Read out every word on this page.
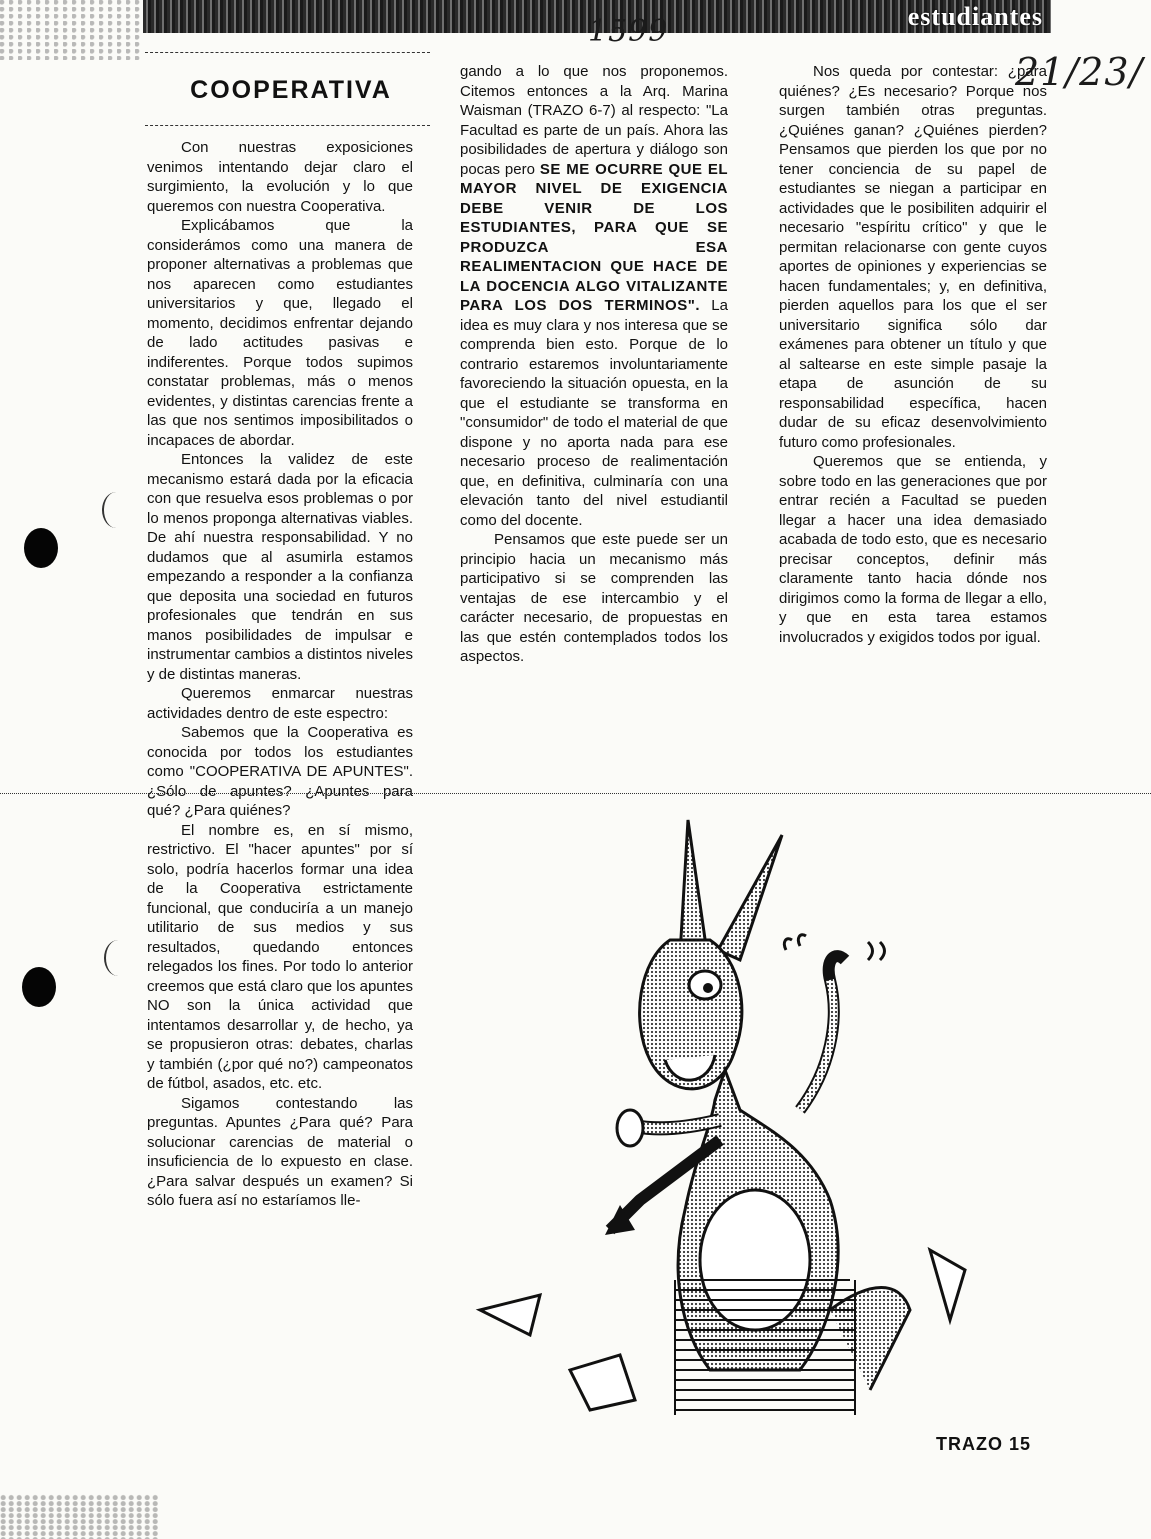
estudiantes
1599
21/23/
COOPERATIVA

Con nuestras exposiciones venimos intentando dejar claro el surgimiento, la evolución y lo que queremos con nuestra Cooperativa.

Explicábamos que la considerámos como una manera de proponer alternativas a problemas que nos aparecen como estudiantes universitarios y que, llegado el momento, decidimos enfrentar dejando de lado actitudes pasivas e indiferentes. Porque todos supimos constatar problemas, más o menos evidentes, y distintas carencias frente a las que nos sentimos imposibilitados o incapaces de abordar.

Entonces la validez de este mecanismo estará dada por la eficacia con que resuelva esos problemas o por lo menos proponga alternativas viables. De ahí nuestra responsabilidad. Y no dudamos que al asumirla estamos empezando a responder a la confianza que deposita una sociedad en futuros profesionales que tendrán en sus manos posibilidades de impulsar e instrumentar cambios a distintos niveles y de distintas maneras.

Queremos enmarcar nuestras actividades dentro de este espectro:

Sabemos que la Cooperativa es conocida por todos los estudiantes como "COOPERATIVA DE APUNTES". ¿Sólo de apuntes? ¿Apuntes para qué? ¿Para quiénes?

El nombre es, en sí mismo, restrictivo. El "hacer apuntes" por sí solo, podría hacerlos formar una idea de la Cooperativa estrictamente funcional, que conduciría a un manejo utilitario de sus medios y sus resultados, quedando entonces relegados los fines. Por todo lo anterior creemos que está claro que los apuntes NO son la única actividad que intentamos desarrollar y, de hecho, ya se propusieron otras: debates, charlas y también (¿por qué no?) campeonatos de fútbol, asados, etc. etc.

Sigamos contestando las preguntas. Apuntes ¿Para qué? Para solucionar carencias de material o insuficiencia de lo expuesto en clase. ¿Para salvar después un examen? Si sólo fuera así no estaríamos lle-

gando a lo que nos proponemos. Citemos entonces a la Arq. Marina Waisman (TRAZO 6-7) al respecto: "La Facultad es parte de un país. Ahora las posibilidades de apertura y diálogo son pocas pero SE ME OCURRE QUE EL MAYOR NIVEL DE EXIGENCIA DEBE VENIR DE LOS ESTUDIANTES, PARA QUE SE PRODUZCA ESA REALIMENTACION QUE HACE DE LA DOCENCIA ALGO VITALIZANTE PARA LOS DOS TERMINOS". La idea es muy clara y nos interesa que se comprenda bien esto. Porque de lo contrario estaremos involuntariamente favoreciendo la situación opuesta, en la que el estudiante se transforma en "consumidor" de todo el material de que dispone y no aporta nada para ese necesario proceso de realimentación que, en definitiva, culminaría con una elevación tanto del nivel estudiantil como del docente.

Pensamos que este puede ser un principio hacia un mecanismo más participativo si se comprenden las ventajas de ese intercambio y el carácter necesario, de propuestas en las que estén contemplados todos los aspectos.

Nos queda por contestar: ¿para quiénes? ¿Es necesario? Porque nos surgen también otras preguntas. ¿Quiénes ganan? ¿Quiénes pierden? Pensamos que pierden los que por no tener conciencia de su papel de estudiantes se niegan a participar en actividades que le posibiliten adquirir el necesario "espíritu crítico" y que le permitan relacionarse con gente cuyos aportes de opiniones y experiencias se hacen fundamentales; y, en definitiva, pierden aquellos para los que el ser universitario significa sólo dar exámenes para obtener un título y que al saltearse en este simple pasaje la etapa de asunción de su responsabilidad específica, hacen dudar de su eficaz desenvolvimiento futuro como profesionales.

Queremos que se entienda, y sobre todo en las generaciones que por entrar recién a Facultad se pueden llegar a hacer una idea demasiado acabada de todo esto, que es necesario precisar conceptos, definir más claramente tanto hacia dónde nos dirigimos como la forma de llegar a ello, y que en esta tarea estamos involucrados y exigidos todos por igual.

TRAZO 15
